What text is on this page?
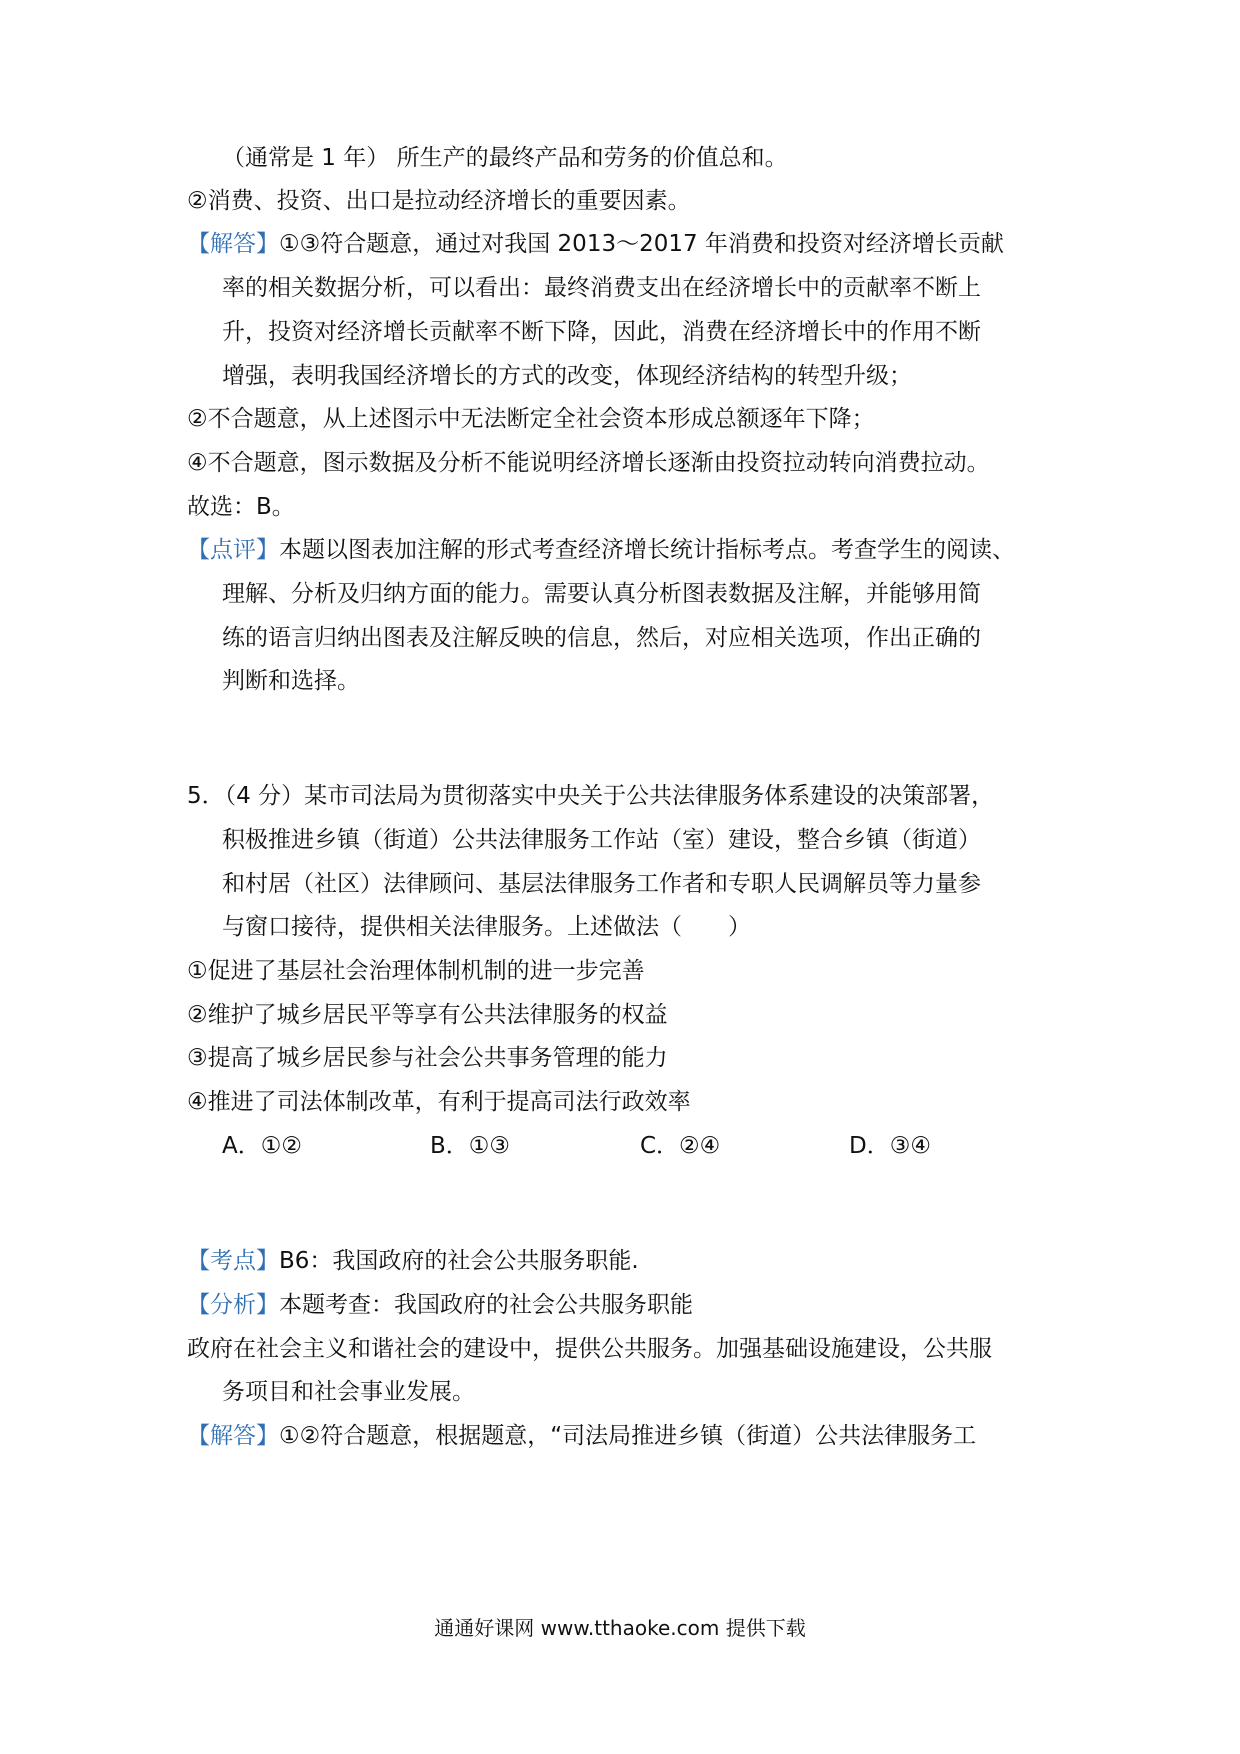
（通常是 1 年） 所生产的最终产品和劳务的价值总和。
②消费、投资、出口是拉动经济增长的重要因素。
【解答】①③符合题意，通过对我国 2013～2017 年消费和投资对经济增长贡献
率的相关数据分析，可以看出：最终消费支出在经济增长中的贡献率不断上
升，投资对经济增长贡献率不断下降，因此，消费在经济增长中的作用不断
增强，表明我国经济增长的方式的改变，体现经济结构的转型升级；
②不合题意，从上述图示中无法断定全社会资本形成总额逐年下降；
④不合题意，图示数据及分析不能说明经济增长逐渐由投资拉动转向消费拉动。
故选：B。
【点评】本题以图表加注解的形式考查经济增长统计指标考点。考查学生的阅读、
理解、分析及归纳方面的能力。需要认真分析图表数据及注解，并能够用简
练的语言归纳出图表及注解反映的信息，然后，对应相关选项，作出正确的
判断和选择。
5．（4 分）某市司法局为贯彻落实中央关于公共法律服务体系建设的决策部署，
积极推进乡镇（街道）公共法律服务工作站（室）建设，整合乡镇（街道）
和村居（社区）法律顾问、基层法律服务工作者和专职人民调解员等力量参
与窗口接待，提供相关法律服务。上述做法（　　）
①促进了基层社会治理体制机制的进一步完善
②维护了城乡居民平等享有公共法律服务的权益
③提高了城乡居民参与社会公共事务管理的能力
④推进了司法体制改革，有利于提高司法行政效率
A．①②	B．①③	C．②④	D．③④
【考点】B6：我国政府的社会公共服务职能.
【分析】本题考查：我国政府的社会公共服务职能
政府在社会主义和谐社会的建设中，提供公共服务。加强基础设施建设，公共服
务项目和社会事业发展。
【解答】①②符合题意，根据题意，“司法局推进乡镇（街道）公共法律服务工
通通好课网 www.tthaoke.com 提供下载
